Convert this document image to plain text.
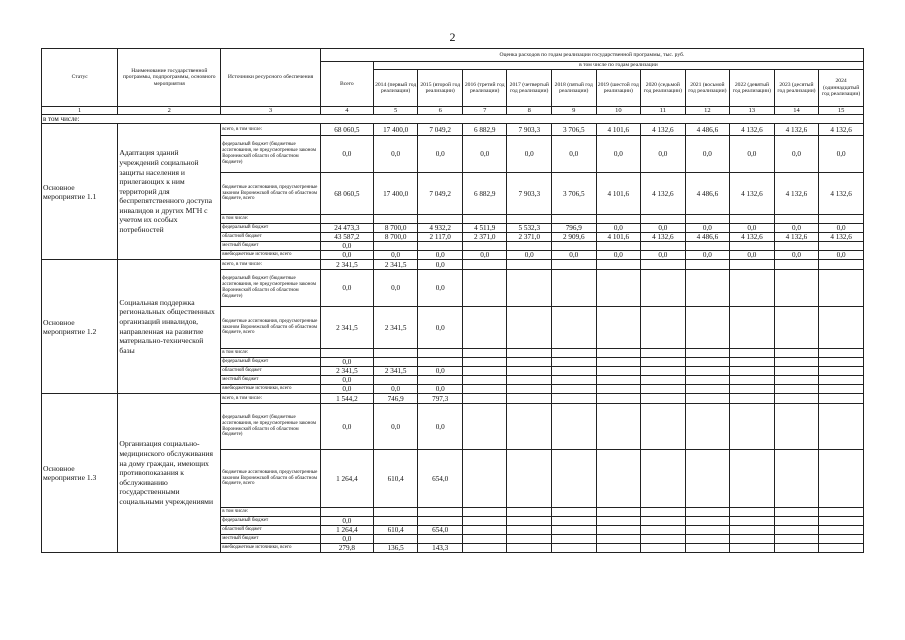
2
Статус	Наименование государственной программы, подпрограммы, основного мероприятия	Источники ресурсного обеспечения	Оценка расходов по годам реализации государственной программы, тыс. руб.											
			Всего	в том числе по годам реализации										
				2014 (первый год реализации)	2015 (второй год реализации)	2016 (третий год реализации)	2017 (четвертый год реализации)	2018 (пятый год реализации)	2019 (шестой год реализации)	2020 (седьмой год реализации)	2021 (восьмой год реализации)	2022 (девятый год реализации)	2023 (десятый год реализации)	2024 (одиннадцатый год реализации)
1	2	3	4	5	6	7	8	9	10	11	12	13	14	15
в том числе:														
Основное мероприятие 1.1	Адаптация зданий учреждений социальной защиты населения и прилегающих к ним территорий для беспрепятственного доступа инвалидов и других МГН с учетом их особых потребностей	всего, в том числе:	68 060,5	17 400,0	7 049,2	6 882,9	7 903,3	3 706,5	4 101,6	4 132,6	4 486,6	4 132,6	4 132,6	4 132,6
		федеральный бюджет (бюджетные ассигнования, не предусмотренные законом Воронежской области об областном бюджете)	0,0	0,0	0,0	0,0	0,0	0,0	0,0	0,0	0,0	0,0	0,0	0,0
		бюджетные ассигнования, предусмотренные законом Воронежской области об областном бюджете, всего	68 060,5	17 400,0	7 049,2	6 882,9	7 903,3	3 706,5	4 101,6	4 132,6	4 486,6	4 132,6	4 132,6	4 132,6
		в том числе:												
		федеральный бюджет	24 473,3	8 700,0	4 932,2	4 511,9	5 532,3	796,9	0,0	0,0	0,0	0,0	0,0	0,0
		областной бюджет	43 587,2	8 700,0	2 117,0	2 371,0	2 371,0	2 909,6	4 101,6	4 132,6	4 486,6	4 132,6	4 132,6	4 132,6
		местный бюджет	0,0											
		внебюджетные источники, всего	0,0	0,0	0,0	0,0	0,0	0,0	0,0	0,0	0,0	0,0	0,0	0,0
Основное мероприятие 1.2	Социальная поддержка региональных общественных организаций инвалидов, направленная на развитие материально-технической базы	всего, в том числе:	2 341,5	2 341,5	0,0									
		федеральный бюджет (бюджетные ассигнования, не предусмотренные законом Воронежской области об областном бюджете)	0,0	0,0	0,0									
		бюджетные ассигнования, предусмотренные законом Воронежской области об областном бюджете, всего	2 341,5	2 341,5	0,0									
		в том числе:												
		федеральный бюджет	0,0											
		областной бюджет	2 341,5	2 341,5	0,0									
		местный бюджет	0,0											
		внебюджетные источники, всего	0,0	0,0	0,0									
Основное мероприятие 1.3	Организация социально-медицинского обслуживания на дому граждан, имеющих противопоказания к обслуживанию государственными социальными учреждениями	всего, в том числе:	1 544,2	746,9	797,3									
		федеральный бюджет (бюджетные ассигнования, не предусмотренные законом Воронежской области об областном бюджете)	0,0	0,0	0,0									
		бюджетные ассигнования, предусмотренные законом Воронежской области об областном бюджете, всего	1 264,4	610,4	654,0									
		в том числе:												
		федеральный бюджет	0,0											
		областной бюджет	1 264,4	610,4	654,0									
		местный бюджет	0,0											
		внебюджетные источники, всего	279,8	136,5	143,3									
